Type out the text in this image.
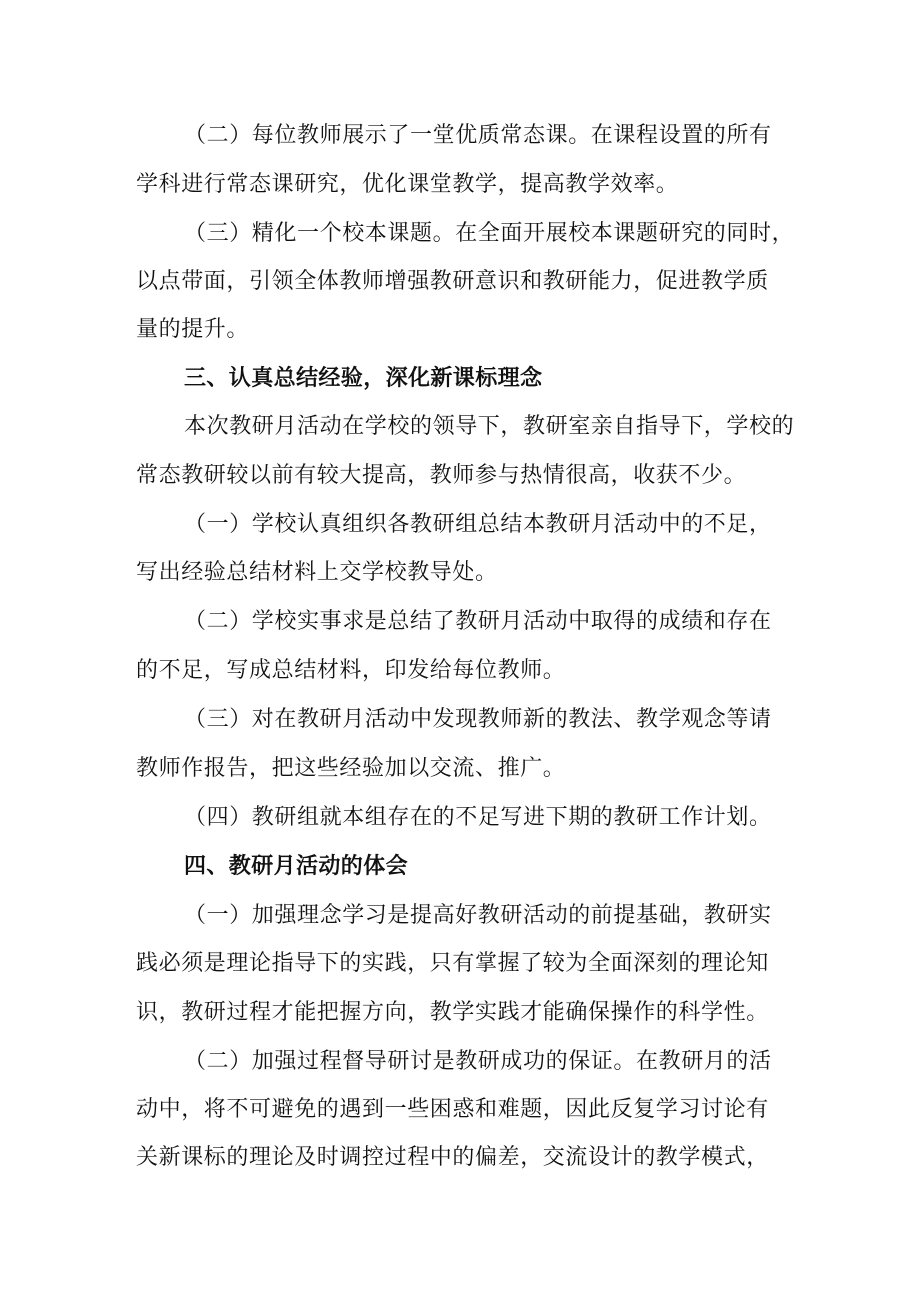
（二）每位教师展示了一堂优质常态课。在课程设置的所有
学科进行常态课研究，优化课堂教学，提高教学效率。
（三）精化一个校本课题。在全面开展校本课题研究的同时，
以点带面，引领全体教师增强教研意识和教研能力，促进教学质
量的提升。
三、认真总结经验，深化新课标理念
本次教研月活动在学校的领导下，教研室亲自指导下，学校的
常态教研较以前有较大提高，教师参与热情很高，收获不少。
（一）学校认真组织各教研组总结本教研月活动中的不足，
写出经验总结材料上交学校教导处。
（二）学校实事求是总结了教研月活动中取得的成绩和存在
的不足，写成总结材料，印发给每位教师。
（三）对在教研月活动中发现教师新的教法、教学观念等请
教师作报告，把这些经验加以交流、推广。
（四）教研组就本组存在的不足写进下期的教研工作计划。
四、教研月活动的体会
（一）加强理念学习是提高好教研活动的前提基础，教研实
践必须是理论指导下的实践，只有掌握了较为全面深刻的理论知
识，教研过程才能把握方向，教学实践才能确保操作的科学性。
（二）加强过程督导研讨是教研成功的保证。在教研月的活
动中，将不可避免的遇到一些困惑和难题，因此反复学习讨论有
关新课标的理论及时调控过程中的偏差，交流设计的教学模式，
